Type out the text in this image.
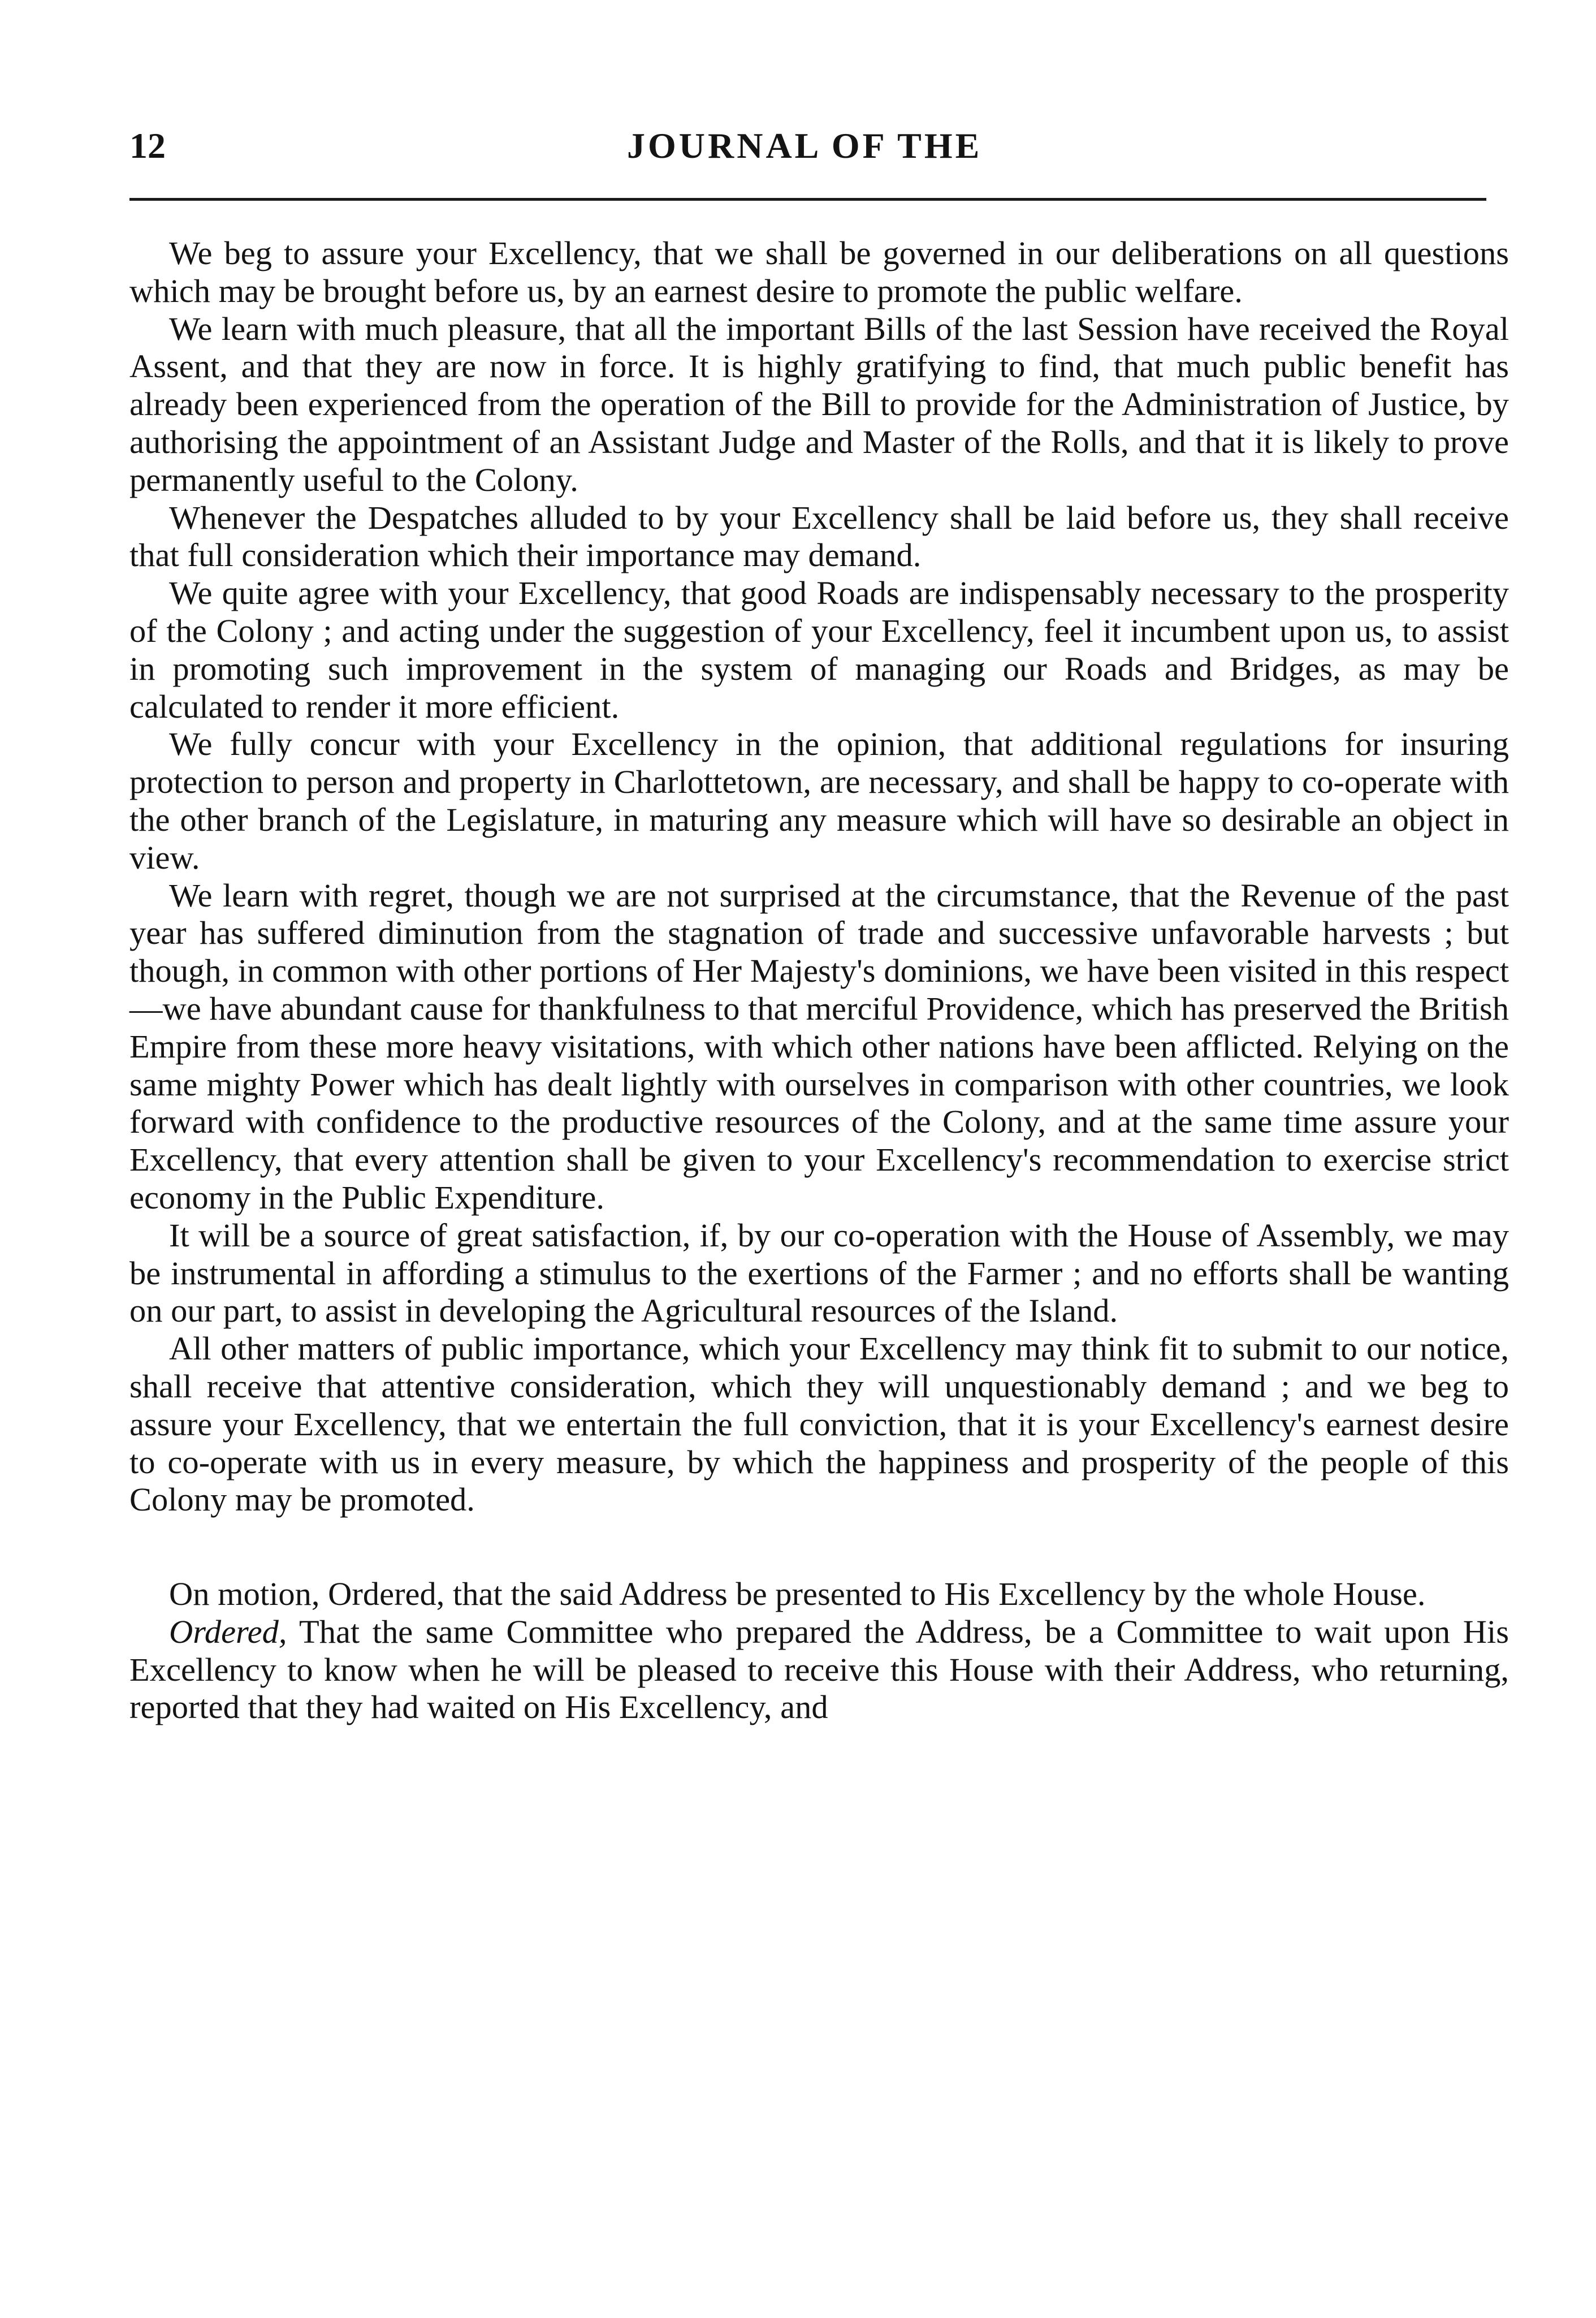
12	JOURNAL OF THE

We beg to assure your Excellency, that we shall be governed in our deliberations on all questions which may be brought before us, by an earnest desire to promote the public welfare.

We learn with much pleasure, that all the important Bills of the last Session have received the Royal Assent, and that they are now in force. It is highly gratifying to find, that much public benefit has already been experienced from the operation of the Bill to provide for the Administration of Justice, by authorising the appointment of an Assistant Judge and Master of the Rolls, and that it is likely to prove permanently useful to the Colony.

Whenever the Despatches alluded to by your Excellency shall be laid before us, they shall receive that full consideration which their importance may demand.

We quite agree with your Excellency, that good Roads are indispensably necessary to the prosperity of the Colony ; and acting under the suggestion of your Excellency, feel it incumbent upon us, to assist in promoting such improvement in the system of managing our Roads and Bridges, as may be calculated to render it more efficient.

We fully concur with your Excellency in the opinion, that additional regulations for insuring protection to person and property in Charlottetown, are necessary, and shall be happy to co-operate with the other branch of the Legislature, in maturing any measure which will have so desirable an object in view.

We learn with regret, though we are not surprised at the circumstance, that the Revenue of the past year has suffered diminution from the stagnation of trade and successive unfavorable harvests ; but though, in common with other portions of Her Majesty's dominions, we have been visited in this respect—we have abundant cause for thankfulness to that merciful Providence, which has preserved the British Empire from these more heavy visitations, with which other nations have been afflicted. Relying on the same mighty Power which has dealt lightly with ourselves in comparison with other countries, we look forward with confidence to the productive resources of the Colony, and at the same time assure your Excellency, that every attention shall be given to your Excellency's recommendation to exercise strict economy in the Public Expenditure.

It will be a source of great satisfaction, if, by our co-operation with the House of Assembly, we may be instrumental in affording a stimulus to the exertions of the Farmer ; and no efforts shall be wanting on our part, to assist in developing the Agricultural resources of the Island.

All other matters of public importance, which your Excellency may think fit to submit to our notice, shall receive that attentive consideration, which they will unquestionably demand ; and we beg to assure your Excellency, that we entertain the full conviction, that it is your Excellency's earnest desire to co-operate with us in every measure, by which the happiness and prosperity of the people of this Colony may be promoted.

On motion, Ordered, that the said Address be presented to His Excellency by the whole House.

Ordered, That the same Committee who prepared the Address, be a Committee to wait upon His Excellency to know when he will be pleased to receive this House with their Address, who returning, reported that they had waited on His Excellency, and
